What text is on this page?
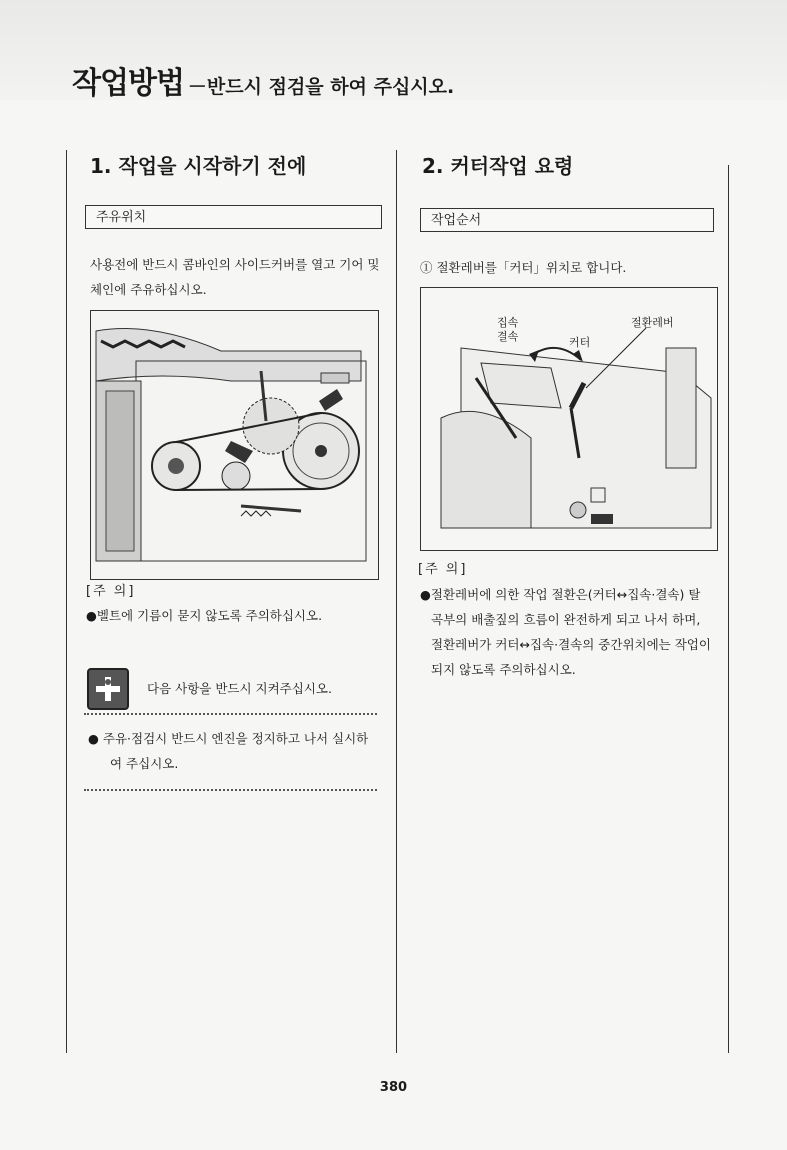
작업방법 －반드시 점검을 하여 주십시오.
1. 작업을 시작하기 전에
주유위치
사용전에 반드시 콤바인의 사이드커버를 열고 기어 및
체인에 주유하십시오.
[주 의]
●벨트에 기름이 묻지 않도록 주의하십시오.
다음 사항을 반드시 지켜주십시오.
● 주유·점검시 반드시 엔진을 정지하고 나서 실시하
여 주십시오.
2. 커터작업 요령
작업순서
① 절환레버를「커터」위치로 합니다.
집속
결속	커터
절환레버
[주 의]
●절환레버에 의한 작업 절환은(커터↔집속·결속) 탈
곡부의 배출짚의 흐름이 완전하게 되고 나서 하며,
절환레버가 커터↔집속·결속의 중간위치에는 작업이
되지 않도록 주의하십시오.
380
